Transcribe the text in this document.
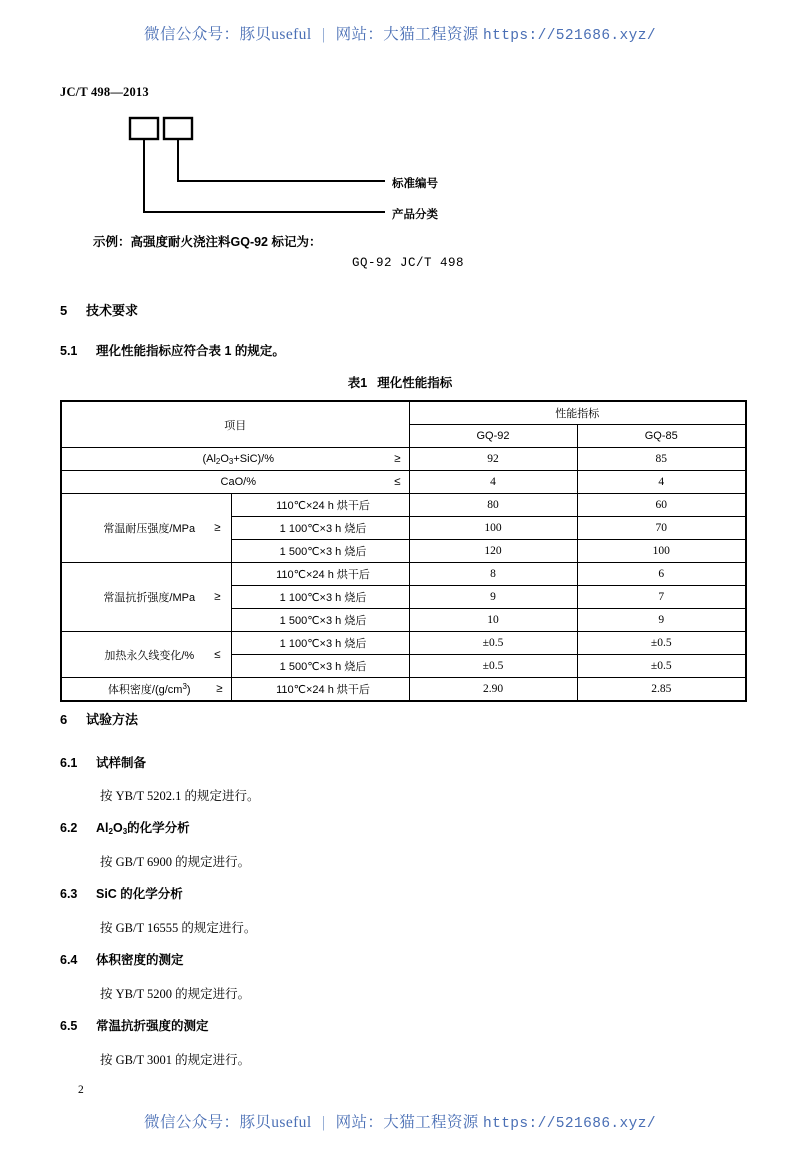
微信公众号：豚贝useful | 网站：大猫工程资源 https://521686.xyz/
JC/T 498—2013
标准编号
产品分类
示例：高强度耐火浇注料GQ-92 标记为：
GQ-92 JC/T 498
5 技术要求
5.1 理化性能指标应符合表 1 的规定。
表1 理化性能指标
项目		性能指标	
		GQ-92	GQ-85
$(Al_2O_3+SiC)/\%$ ≥		92	85
CaO/% ≤		4	4
常温耐压强度/MPa ≥	110℃×24 h 烘干后	80	60
	1 100℃×3 h 烧后	100	70
	1 500℃×3 h 烧后	120	100
常温抗折强度/MPa ≥	110℃×24 h 烘干后	8	6
	1 100℃×3 h 烧后	9	7
	1 500℃×3 h 烧后	10	9
加热永久线变化/% ≤	1 100℃×3 h 烧后	±0.5	±0.5
	1 500℃×3 h 烧后	±0.5	±0.5
体积密度$/(g/cm^3)$ ≥	110℃×24 h 烘干后	2.90	2.85
6 试验方法
6.1 试样制备
按 YB/T 5202.1 的规定进行。
6.2 $Al_2O_3$的化学分析
按 GB/T 6900 的规定进行。
6.3 SiC 的化学分析
按 GB/T 16555 的规定进行。
6.4 体积密度的测定
按 YB/T 5200 的规定进行。
6.5 常温抗折强度的测定
按 GB/T 3001 的规定进行。
2
微信公众号：豚贝useful | 网站：大猫工程资源 https://521686.xyz/
